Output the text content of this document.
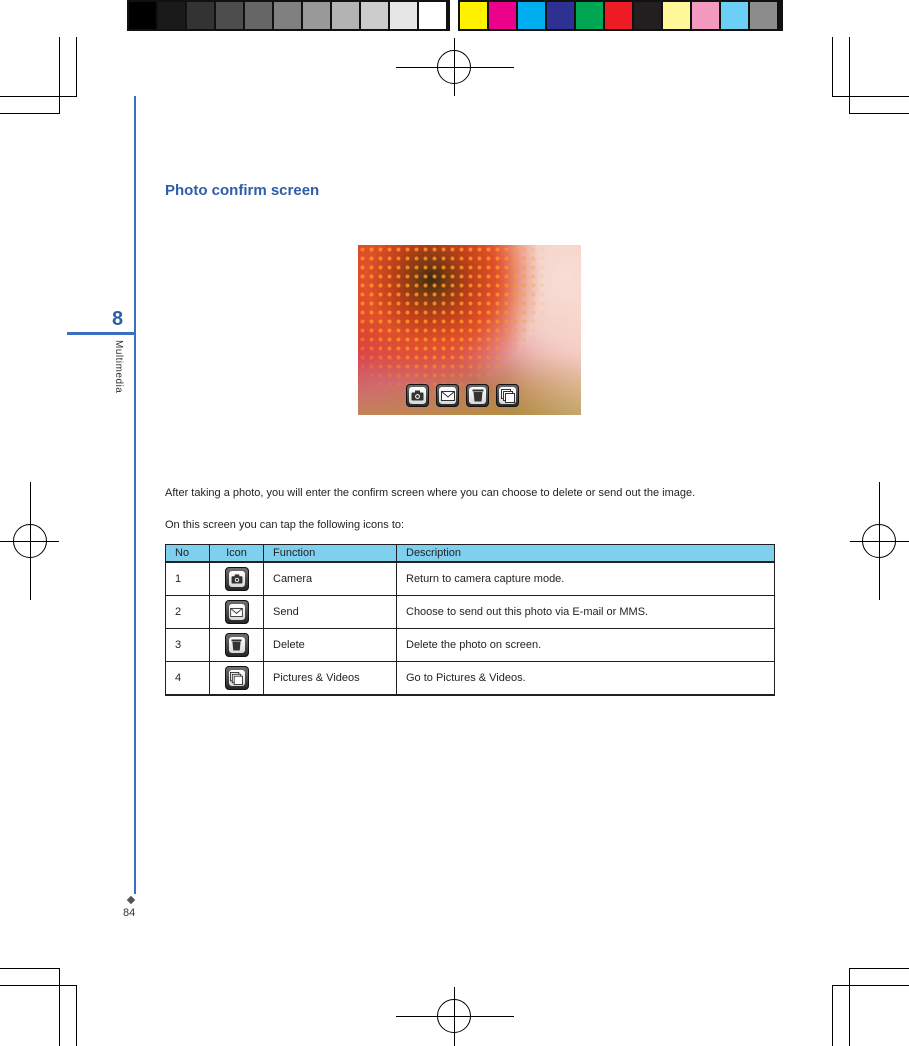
8
Multimedia
84
Photo confirm screen
After taking a photo, you will enter the confirm screen where you can choose to delete or send out the image.
On this screen you can tap the following icons to:
No	Icon	Function	Description
1		Camera	Return to camera capture mode.
2		Send	Choose to send out this photo via E-mail or MMS.
3		Delete	Delete the photo on screen.
4		Pictures & Videos	Go to Pictures & Videos.
